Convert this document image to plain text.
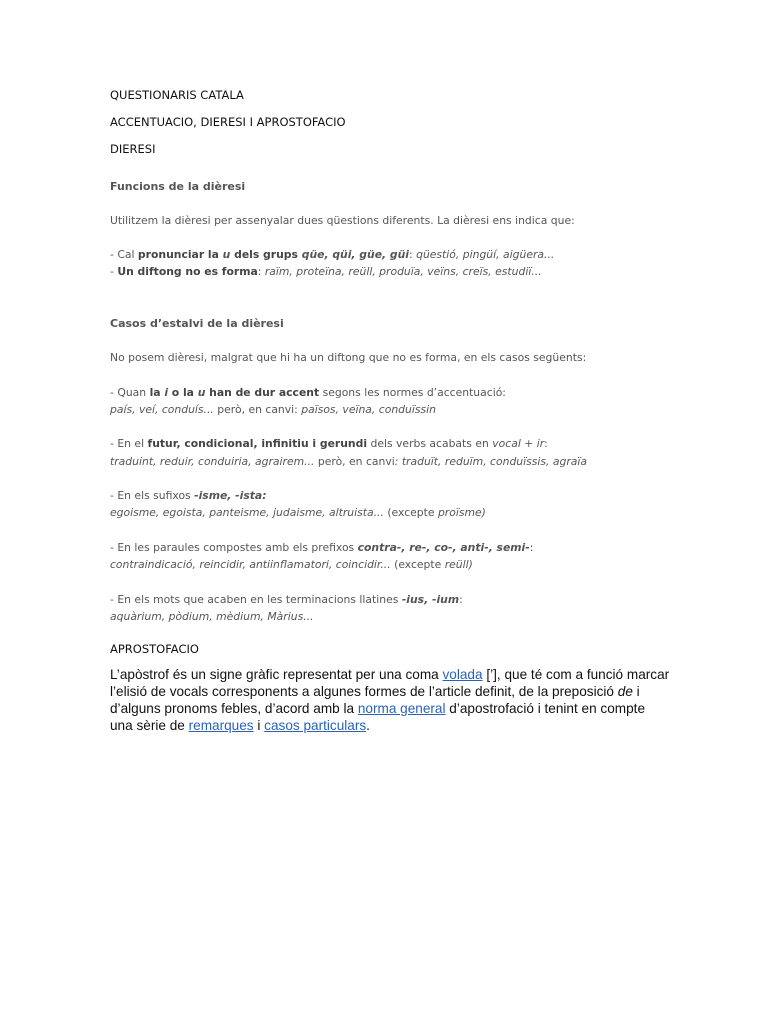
QUESTIONARIS CATALA
ACCENTUACIO, DIERESI I APROSTOFACIO
DIERESI
Funcions de la dièresi
Utilitzem la dièresi per assenyalar dues qüestions diferents. La dièresi ens indica que:
- Cal pronunciar la u dels grups qüe, qüi, güe, güi: qüestió, pingüí, aigüera...
- Un diftong no es forma: raïm, proteïna, reüll, produïa, veïns, creïs, estudiï...
Casos d’estalvi de la dièresi
No posem dièresi, malgrat que hi ha un diftong que no es forma, en els casos següents:
- Quan la i o la u han de dur accent segons les normes d’accentuació:
país, veí, conduís... però, en canvi: països, veïna, conduïssin
- En el futur, condicional, infinitiu i gerundi dels verbs acabats en vocal + ir:
traduint, reduir, conduiria, agrairem... però, en canvi: traduït, reduïm, conduïssis, agraïa
- En els sufixos -isme, -ista:
egoisme, egoista, panteisme, judaisme, altruista... (excepte proïsme)
- En les paraules compostes amb els prefixos contra-, re-, co-, anti-, semi-:
contraindicació, reincidir, antiinflamatori, coincidir... (excepte reüll)
- En els mots que acaben en les terminacions llatines -ius, -ium:
aquàrium, pòdium, mèdium, Màrius...
APROSTOFACIO
L’apòstrof és un signe gràfic representat per una coma volada [’], que té com a funció marcar l’elisió de vocals corresponents a algunes formes de l’article definit, de la preposició de i d’alguns pronoms febles, d’acord amb la norma general d’apostrofació i tenint en compte una sèrie de remarques i casos particulars.
